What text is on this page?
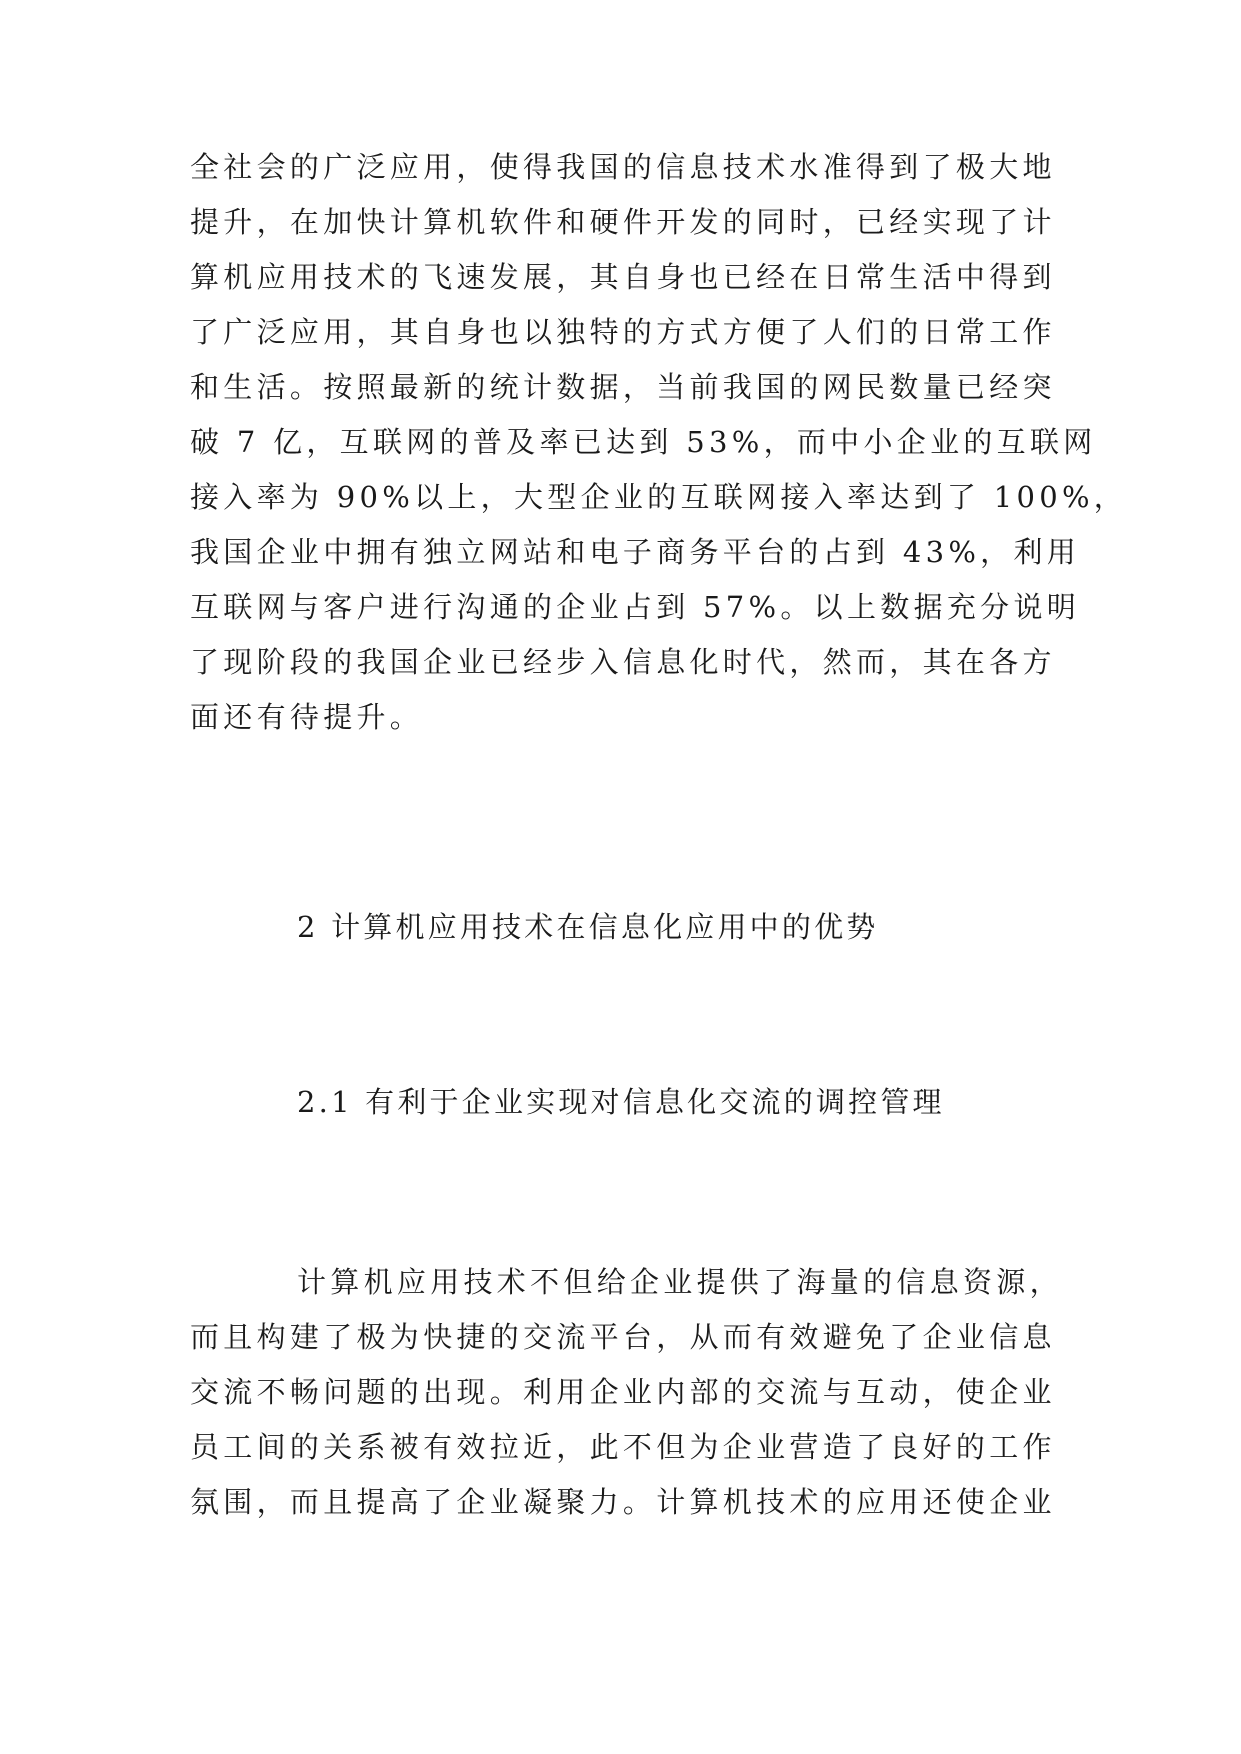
全社会的广泛应用，使得我国的信息技术水准得到了极大地

提升，在加快计算机软件和硬件开发的同时，已经实现了计

算机应用技术的飞速发展，其自身也已经在日常生活中得到

了广泛应用，其自身也以独特的方式方便了人们的日常工作

和生活。按照最新的统计数据，当前我国的网民数量已经突

破 7 亿，互联网的普及率已达到 53%，而中小企业的互联网

接入率为 90%以上，大型企业的互联网接入率达到了 100%，

我国企业中拥有独立网站和电子商务平台的占到 43%，利用

互联网与客户进行沟通的企业占到 57%。以上数据充分说明

了现阶段的我国企业已经步入信息化时代，然而，其在各方

面还有待提升。

2 计算机应用技术在信息化应用中的优势
2.1 有利于企业实现对信息化交流的调控管理

计算机应用技术不但给企业提供了海量的信息资源，

而且构建了极为快捷的交流平台，从而有效避免了企业信息

交流不畅问题的出现。利用企业内部的交流与互动，使企业

员工间的关系被有效拉近，此不但为企业营造了良好的工作

氛围，而且提高了企业凝聚力。计算机技术的应用还使企业
